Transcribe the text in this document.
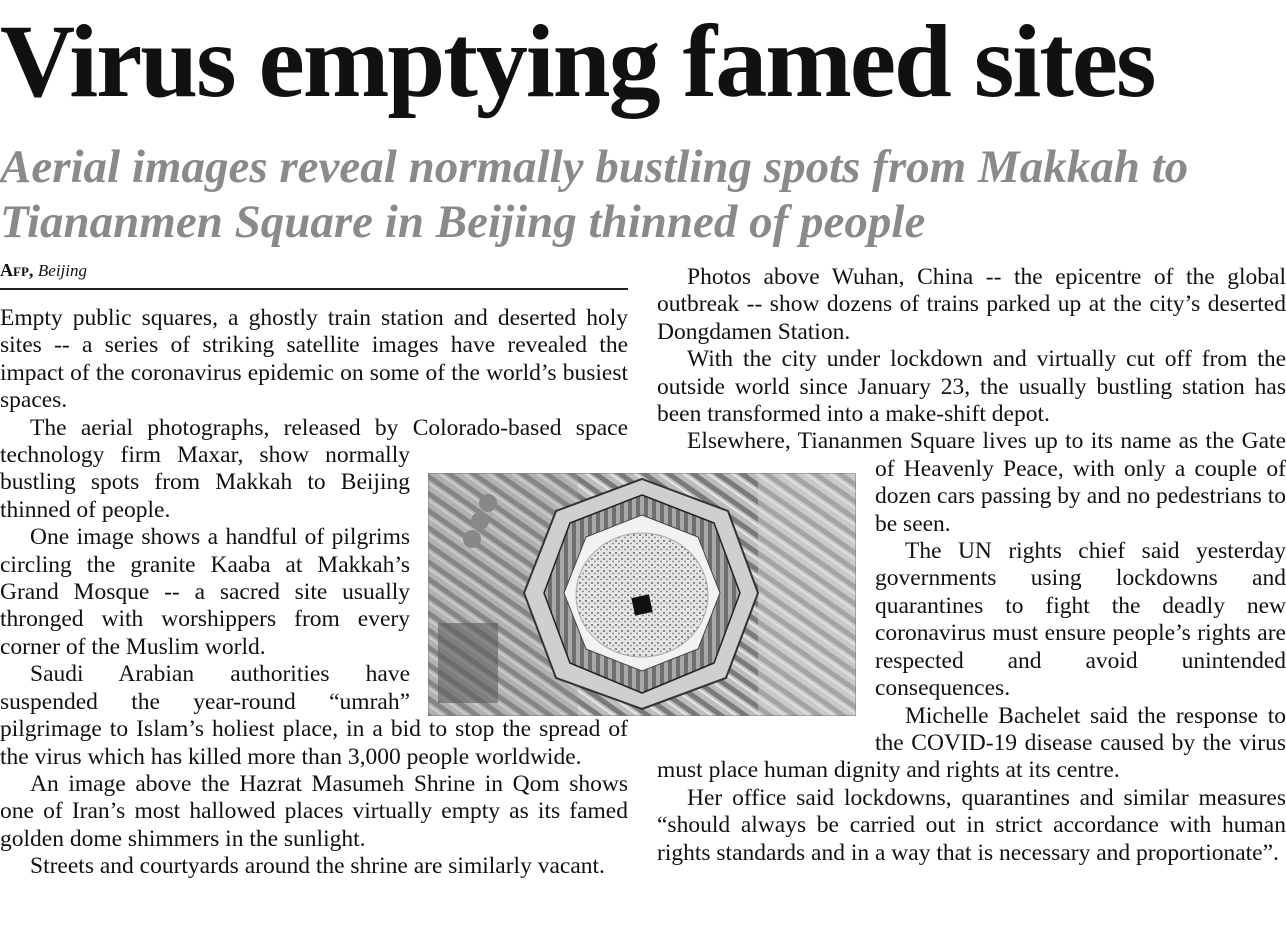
Virus emptying famed sites
Aerial images reveal normally bustling spots from Makkah to Tiananmen Square in Beijing thinned of people
Afp, Beijing

Empty public squares, a ghostly train station and deserted holy sites -- a series of striking satellite images have revealed the impact of the coronavirus epidemic on some of the world’s busiest spaces.

The aerial photographs, released by Colorado-based space technology firm Maxar, show normally bustling spots from Makkah to Beijing thinned of people.

One image shows a handful of pilgrims circling the granite Kaaba at Makkah’s Grand Mosque -- a sacred site usually thronged with worshippers from every corner of the Muslim world.

Saudi Arabian authorities have suspended the year-round “umrah” pilgrimage to Islam’s holiest place, in a bid to stop the spread of the virus which has killed more than 3,000 people worldwide.

An image above the Hazrat Masumeh Shrine in Qom shows one of Iran’s most hallowed places virtually empty as its famed golden dome shimmers in the sunlight.

Streets and courtyards around the shrine are similarly vacant.

Photos above Wuhan, China -- the epicentre of the global outbreak -- show dozens of trains parked up at the city’s deserted Dongdamen Station.

With the city under lockdown and virtually cut off from the outside world since January 23, the usually bustling station has been transformed into a make-shift depot.

Elsewhere, Tiananmen Square lives up to its name as the Gate of Heavenly Peace, with only a couple of dozen cars passing by and no pedestrians to be seen.

The UN rights chief said yesterday governments using lockdowns and quarantines to fight the deadly new coronavirus must ensure people’s rights are respected and avoid unintended consequences.

Michelle Bachelet said the response to the COVID-19 disease caused by the virus must place human dignity and rights at its centre.

Her office said lockdowns, quarantines and similar measures “should always be carried out in strict accordance with human rights standards and in a way that is necessary and proportionate”.
